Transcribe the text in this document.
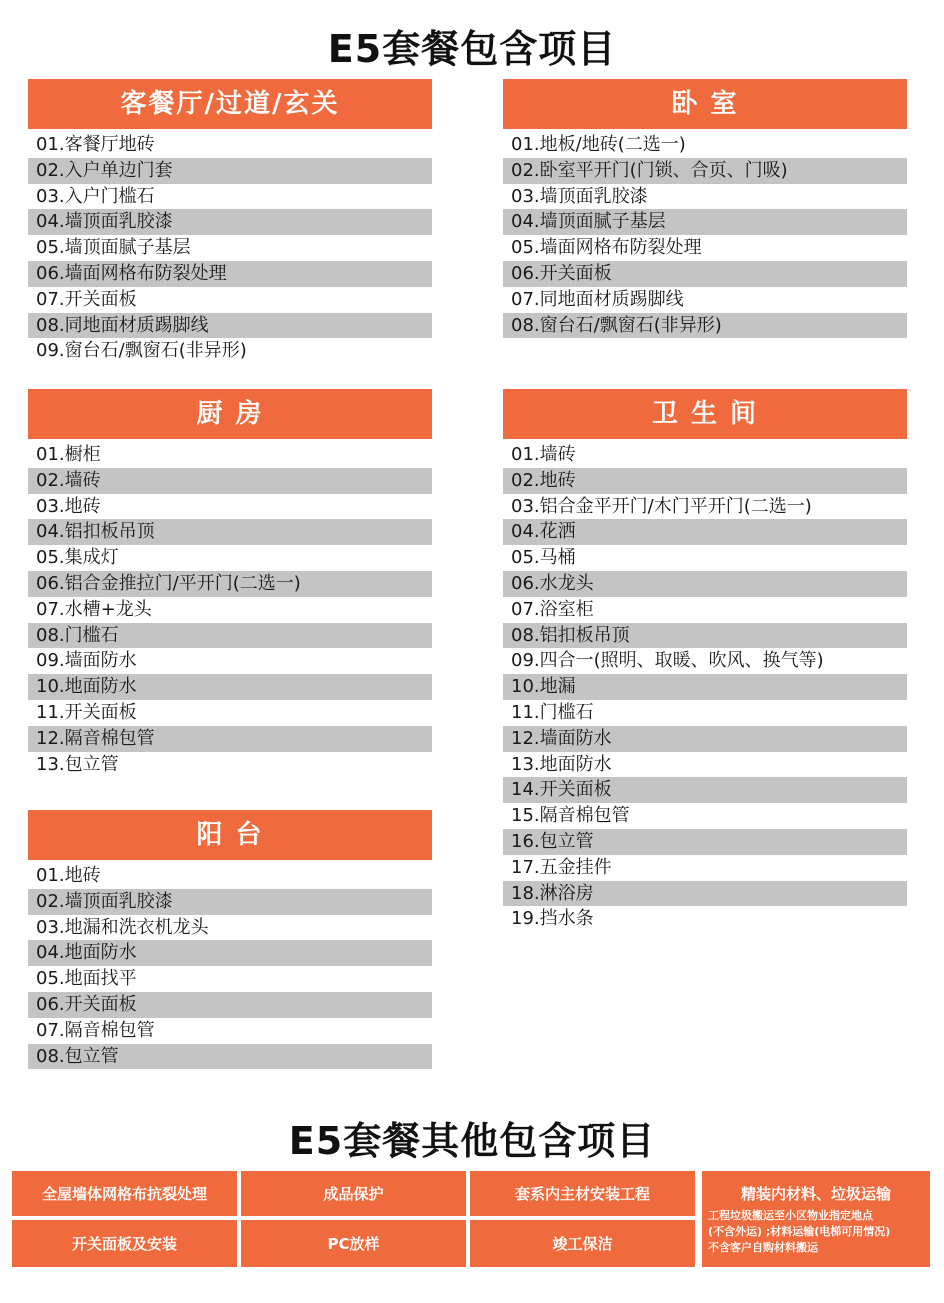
E5套餐包含项目
客餐厅/过道/玄关
01.客餐厅地砖
02.入户单边门套
03.入户门槛石
04.墙顶面乳胶漆
05.墙顶面腻子基层
06.墙面网格布防裂处理
07.开关面板
08.同地面材质踢脚线
09.窗台石/飘窗石(非异形)
卧 室
01.地板/地砖(二选一)
02.卧室平开门(门锁、合页、门吸)
03.墙顶面乳胶漆
04.墙顶面腻子基层
05.墙面网格布防裂处理
06.开关面板
07.同地面材质踢脚线
08.窗台石/飘窗石(非异形)
厨 房
01.橱柜
02.墙砖
03.地砖
04.铝扣板吊顶
05.集成灯
06.铝合金推拉门/平开门(二选一)
07.水槽+龙头
08.门槛石
09.墙面防水
10.地面防水
11.开关面板
12.隔音棉包管
13.包立管
卫 生 间
01.墙砖
02.地砖
03.铝合金平开门/木门平开门(二选一)
04.花洒
05.马桶
06.水龙头
07.浴室柜
08.铝扣板吊顶
09.四合一(照明、取暖、吹风、换气等)
10.地漏
11.门槛石
12.墙面防水
13.地面防水
14.开关面板
15.隔音棉包管
16.包立管
17.五金挂件
18.淋浴房
19.挡水条
阳 台
01.地砖
02.墙顶面乳胶漆
03.地漏和洗衣机龙头
04.地面防水
05.地面找平
06.开关面板
07.隔音棉包管
08.包立管
E5套餐其他包含项目
全屋墙体网格布抗裂处理	成品保护	套系内主材安装工程
开关面板及安装	PC放样	竣工保洁
精装内材料、垃圾运输
工程垃圾搬运至小区物业指定地点
(不含外运) ;材料运输(电梯可用情况)
不含客户自购材料搬运
